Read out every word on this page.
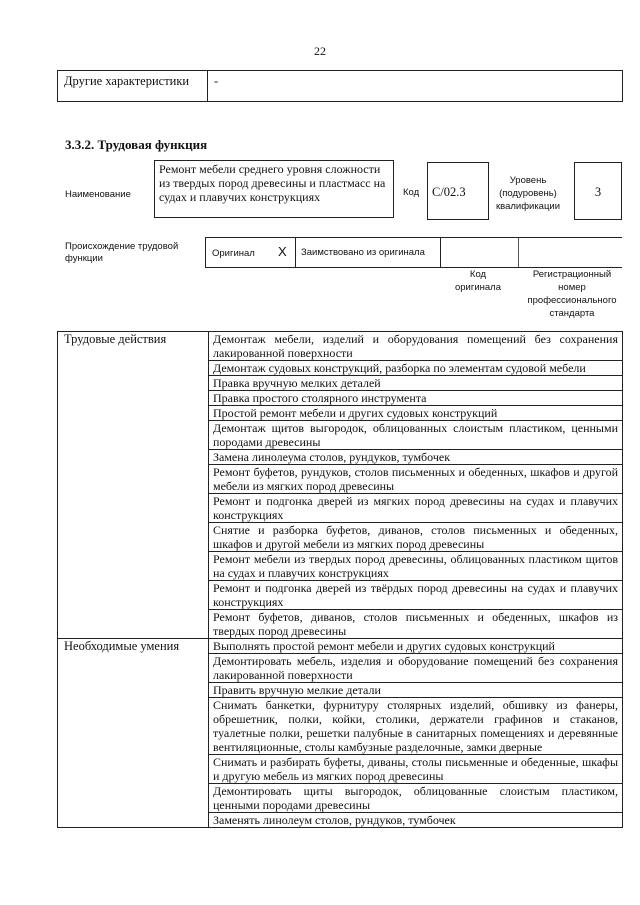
22
Другие характеристики	-
3.3.2. Трудовая функция
Наименование
Ремонт мебели среднего уровня сложности из твердых пород древесины и пластмасс на судах и плавучих конструкциях	Код	С/02.3
Уровень (подуровень) квалификации
3
Происхождение трудовой функции	Оригинал X Заимствовано из оригинала
Код оригинала
Регистрационный номер профессионального стандарта
Трудовые действия	Демонтаж мебели, изделий и оборудования помещений без сохранения лакированной поверхности
	Демонтаж судовых конструкций, разборка по элементам судовой мебели
	Правка вручную мелких деталей
	Правка простого столярного инструмента
	Простой ремонт мебели и других судовых конструкций
	Демонтаж щитов выгородок, облицованных слоистым пластиком, ценными породами древесины
	Замена линолеума столов, рундуков, тумбочек
	Ремонт буфетов, рундуков, столов письменных и обеденных, шкафов и другой мебели из мягких пород древесины
	Ремонт и подгонка дверей из мягких пород древесины на судах и плавучих конструкциях
	Снятие и разборка буфетов, диванов, столов письменных и обеденных, шкафов и другой мебели из мягких пород древесины
	Ремонт мебели из твердых пород древесины, облицованных пластиком щитов на судах и плавучих конструкциях
	Ремонт и подгонка дверей из твёрдых пород древесины на судах и плавучих конструкциях
	Ремонт буфетов, диванов, столов письменных и обеденных, шкафов из твердых пород древесины
Необходимые умения	Выполнять простой ремонт мебели и других судовых конструкций
	Демонтировать мебель, изделия и оборудование помещений без сохранения лакированной поверхности
	Править вручную мелкие детали
	Снимать банкетки, фурнитуру столярных изделий, обшивку из фанеры, обрешетник, полки, койки, столики, держатели графинов и стаканов, туалетные полки, решетки палубные в санитарных помещениях и деревянные вентиляционные, столы камбузные разделочные, замки дверные
	Снимать и разбирать буфеты, диваны, столы письменные и обеденные, шкафы и другую мебель из мягких пород древесины
	Демонтировать щиты выгородок, облицованные слоистым пластиком, ценными породами древесины
	Заменять линолеум столов, рундуков, тумбочек
